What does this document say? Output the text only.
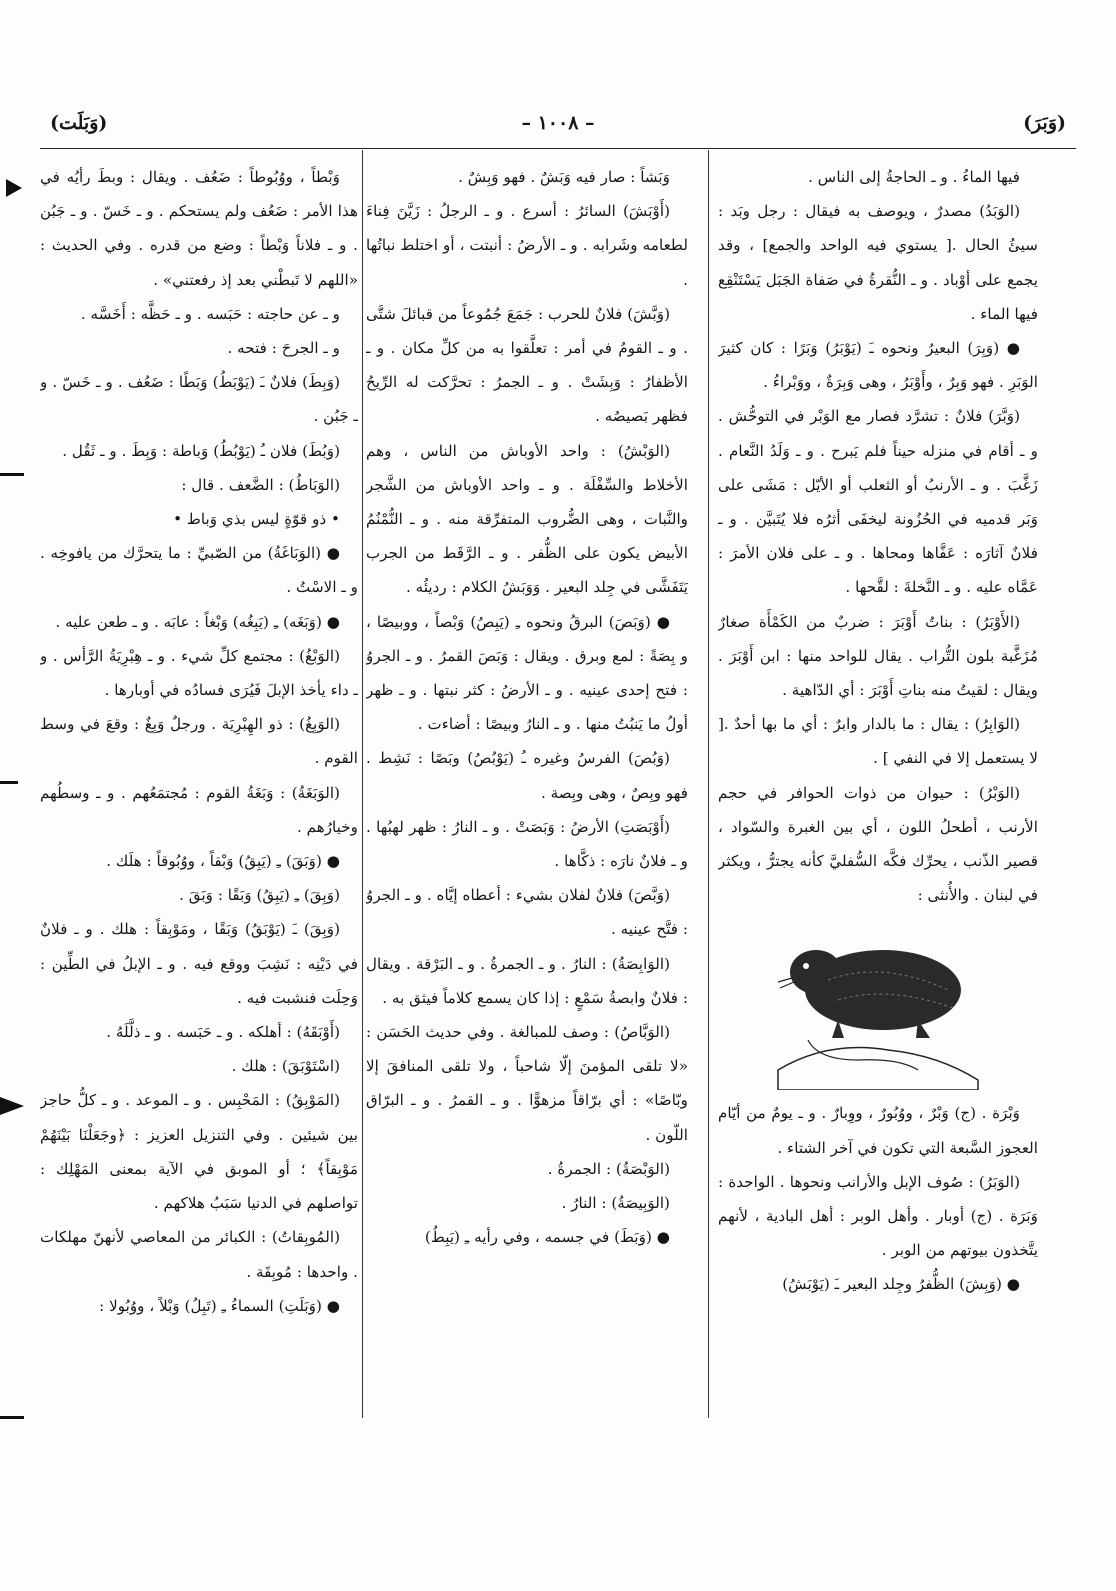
(وَبَرَ)
– ١٠٠٨ –
(وَبَلَت)

فيها الماءُ . و ـ الحاجةُ إلى الناس .

(الوَبَدُ) مصدرٌ ، ويوصف به فيقال : رجل وبَد : سيئُ الحال .[ يستوي فيه الواحد والجمع] ، وقد يجمع على أوْباد . و ـ النُّقرةُ في صَفاة الجَبَل يَسْتَنْقِع فيها الماء .

● (وَبِرَ) البعيرُ ونحوه ـَ (يَوْبَرُ) وَبَرًا : كان كثيرَ الوَبَرِ . فهو وَبِرٌ ، وأَوْبَرُ ، وهى وَبِرَةٌ ، ووَبْراءُ .

(وَبَّرَ) فلانٌ : تشرَّد فصار مع الوَبْر في التوحُّش . و ـ أقام في منزله حيناً فلم يَبرح . و ـ وَلَدُ النَّعام . زَغَّبَ . و ـ الأرنبُ أو الثعلب أو الأيّل : مَشَى على وَبَر قدميه في الحُزُونة ليخفَى أثرُه فلا يُتَبيَّن . و ـ فلانٌ آثارَه : عَفَّاها ومحاها . و ـ على فلان الأمرَ : عَمَّاه عليه . و ـ النَّخلةَ : لقَّحها .

(الأَوْبَرُ) : بناتُ أَوْبَرَ : ضربٌ من الكَمْأَة صغارٌ مُزَغَّبة بلون التُّراب . يقال للواحد منها : ابن أَوْبَرَ . ويقال : لقيتُ منه بناتِ أَوْبَرَ : أي الدّاهية .

(الوَابِرُ) : يقال : ما بالدار وابرٌ : أي ما بها أحدٌ .[ لا يستعمل إلا في النفي ] .

(الوَبْرُ) : حيوان من ذوات الحوافر في حجم الأرنب ، أطحلُ اللون ، أي بين الغبرة والسّواد ، قصير الذّنب ، يحرِّك فكَّه السُّفليَّ كأنه يجترُّ ، ويكثر في لبنان . والأُنثى :

وَبْرَة . (ج) وَبْرٌ ، ووُبُورٌ ، ووِبارٌ . و ـ يومٌ من أيّام العجوز السَّبعة التي تكون في آخر الشتاء .

(الوَبَرُ) : صُوف الإبل والأرانب ونحوها . الواحدة : وَبَرَة . (ج) أوبار . وأهل الوبر : أهل البادية ، لأنهم يتَّخذون بيوتهم من الوبر .

● (وَبِشَ) الظُّفرُ وجِلد البعير ـَ (يَوْبَشُ)

وَبَشاً : صار فيه وَبَشٌ . فهو وَبِشٌ .

(أَوْبَشَ) السائرُ : أسرع . و ـ الرجلُ : زَيَّنَ فِناءَ لطعامه وشَرابه . و ـ الأرضُ : أنبتت ، أو اختلط نباتُها .

(وَبَّشَ) فلانٌ للحرب : جَمَعَ جُمُوعاً من قبائلَ شتَّى . و ـ القومُ في أمر : تعلَّقوا به من كلِّ مكان . و ـ الأظفارُ : وَبِشَتْ . و ـ الجمرُ : تحرَّكت له الرِّيحُ فظهر بَصيصُه .

(الوَبْشُ) : واحد الأوباش من الناس ، وهم الأخلاط والسِّفْلَة . و ـ واحد الأوباش من الشَّجر والنَّبات ، وهى الضُّروب المتفرِّقة منه . و ـ النُّمْنُمُ الأبيض يكون على الظُّفر . و ـ الرَّقَط من الجرب يَتَفَشَّى في جِلد البعير . وَوَبَشُ الكلام : رديئُه .

● (وَبَصَ) البرقُ ونحوه ـِ (يَبِصُ) وَبْصاً ، ووبيصًا ، و بِصَةً : لمع وبرق . ويقال : وَبَصَ القمرُ . و ـ الجروُ : فتح إحدى عينيه . و ـ الأرضُ : كثر نبتها . و ـ ظهر أولُ ما يَنبُتُ منها . و ـ النارُ وبيصًا : أضاءت .

(وَبُصَ) الفرسُ وغيره ـُ (يَوْبُصُ) وبَصًا : نَشِط . فهو وبِصٌ ، وهى وبِصة .

(أَوْبَصَتِ) الأرضُ : وَبَصَتْ . و ـ النارُ : ظهر لهبُها . و ـ فلانٌ نارَه : ذكَّاها .

(وَبَّصَ) فلانٌ لفلان بشيء : أعطاه إيَّاه . و ـ الجروُ : فتَّح عينيه .

(الوَابِصَةُ) : النارُ . و ـ الجمرةُ . و ـ البَرْقة . ويقال : فلانٌ وابصةُ سَمْعٍ : إذا كان يسمع كلاماً فيثق به .

(الوَبَّاصُ) : وصف للمبالغة . وفي حديث الحَسَن : «لا تلقى المؤمنَ إلّا شاحباً ، ولا تلقى المنافقَ إلا وبّاصًا» : أي برّاقاً مزهوًّا . و ـ القمرُ . و ـ البرّاق اللّون .

(الوَبْصَةُ) : الجمرةُ .

(الوَبِيصَةُ) : النارُ .

● (وَبَطَ) في جسمه ، وفي رأيه ـِ (يَبِطُ)

وَبْطاً ، ووُبُوطاً : ضَعُف . ويقال : وبطَ رأيُه في هذا الأمر : ضَعُف ولم يستحكم . و ـ خَسّ . و ـ جَبُن . و ـ فلاناً وَبْطاً : وضع من قدره . وفي الحديث : «اللهم لا تَبطْني بعد إذ رفعتني» .

و ـ عن حاجته : حَبَسه . و ـ حَظَّه : أَخَسَّه .

و ـ الجرحَ : فتحه .

(وَبِطَ) فلانٌ ـَ (يَوْبَطُ) وَبَطًا : ضَعُف . و ـ خَسّ . و ـ جَبُن .

(وَبُطَ) فلان ـُ (يَوْبُطُ) وَباطة : وَبِطَ . و ـ ثَقُل .

(الوَبَاطُ) : الضَّعف . قال :

• ذو قوّةٍ ليس بذي وَباط •

● (الوَبَاغَةُ) من الصّبيِّ : ما يتحرَّك من يافوخِه . و ـ الاسْتُ .

● (وَبَغَه) ـِ (يَبِغُه) وَبْغاً : عابَه . و ـ طعن عليه .

(الوَبْغُ) : مجتمع كلِّ شيء . و ـ هِبْرِيَةُ الرَّأس . و ـ داء يأخذ الإبلَ فَيُرَى فسادُه في أوبارها .

(الوَبِغُ) : ذو الهِبْرِيَة . ورجلٌ وَبِغٌ : وقعَ في وسط القوم .

(الوَبَغَةُ) : وَبَغَةُ القوم : مُجتمَعُهم . و ـ وسطُهم وخيارُهم .

● (وَبَقَ) ـِ (يَبِقُ) وَبْقاً ، ووُبُوقاً : هلَك .

(وَبِقَ) ـِ (يَبِقُ) وَبَقًا : وَبَقَ .

(وَبِقَ) ـَ (يَوْبَقُ) وَبَقًا ، ومَوْبِقاً : هلك . و ـ فلانٌ في دَيْنِه : نَشِبَ ووقع فيه . و ـ الإبلُ في الطِّين : وَحِلَت فنشبت فيه .

(أَوْبَقَهُ) : أهلكه . و ـ حَبَسه . و ـ ذلَّلَهُ .

(اسْتَوْبَقَ) : هلك .

(المَوْبِقُ) : المَحْبِس . و ـ الموعد . و ـ كلُّ حاجز بين شيئين . وفي التنزيل العزيز : ﴿وجَعَلْنَا بَيْنَهُمْ مَوْبِقاً﴾ ؛ أو الموبق في الآية بمعنى المَهْلِك : تواصلهم في الدنيا سَبَبُ هلاكهم .

(المُوبِقاتُ) : الكبائر من المعاصي لأنهنّ مهلكات . واحدها : مُوبِقَة .

● (وَبَلَتِ) السماءُ ـِ (تَبِلُ) وَبْلاً ، ووُبُولا :
